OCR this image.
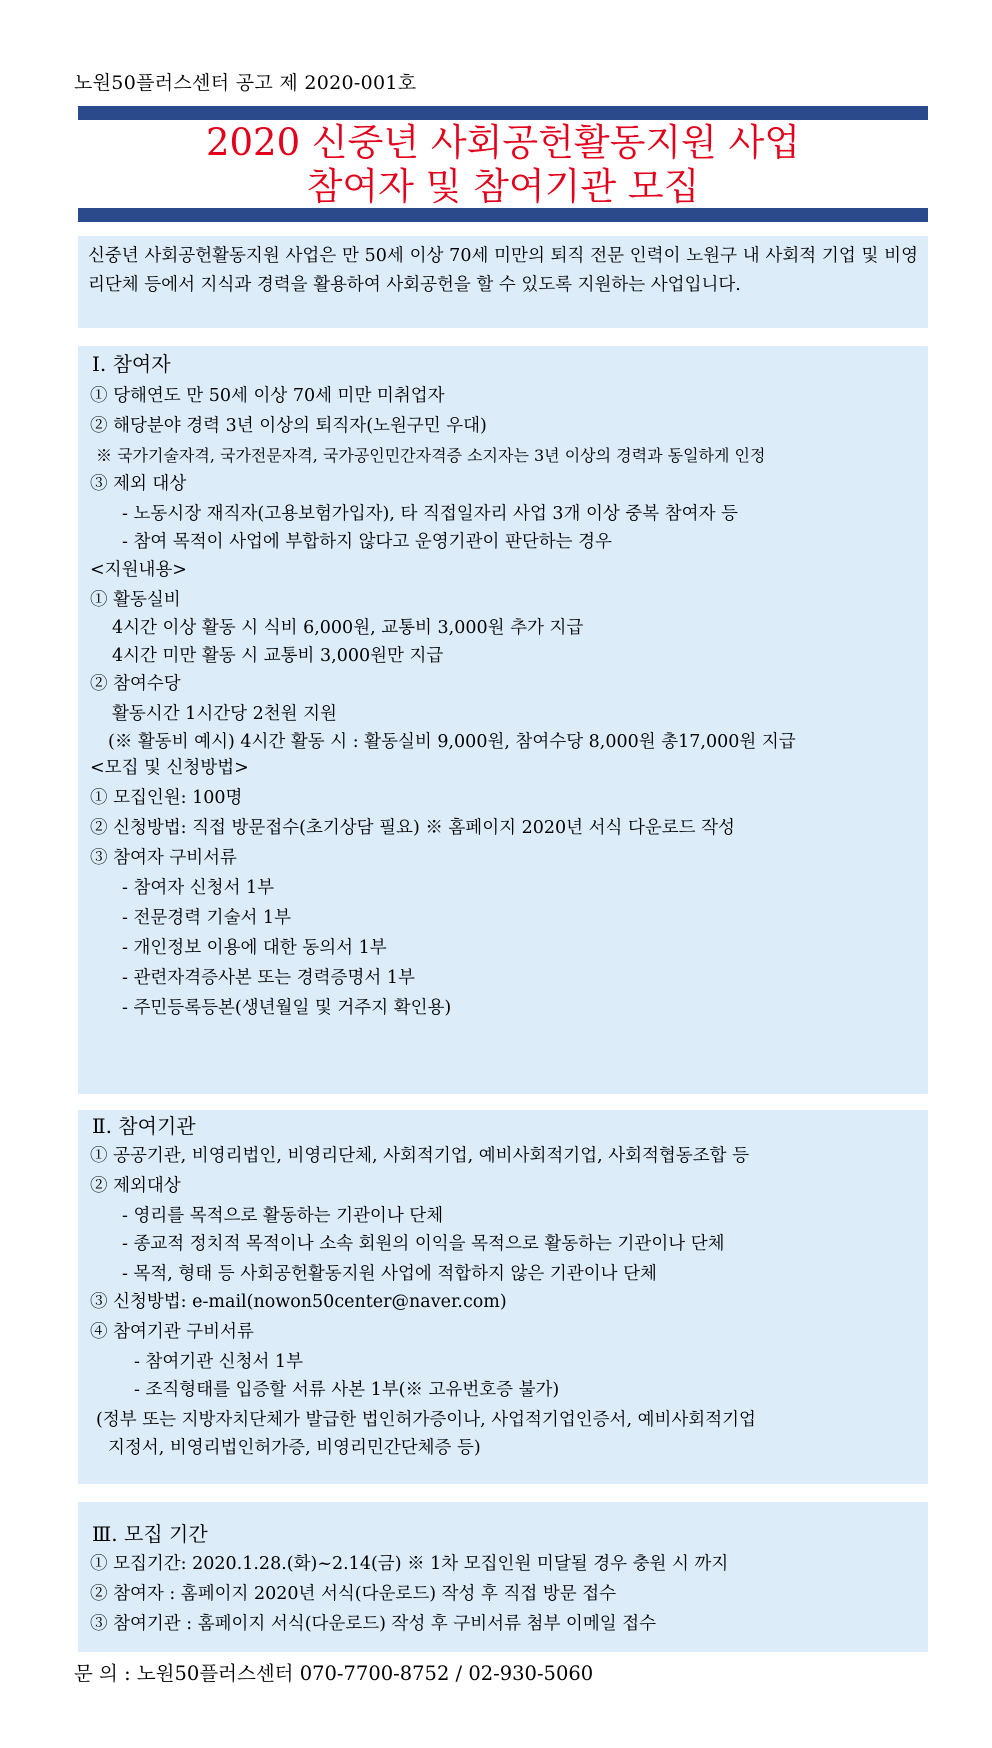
노원50플러스센터 공고 제 2020-001호
2020 신중년 사회공헌활동지원 사업
참여자 및 참여기관 모집
신중년 사회공헌활동지원 사업은 만 50세 이상 70세 미만의 퇴직 전문 인력이 노원구 내 사회적 기업 및 비영리단체 등에서 지식과 경력을 활용하여 사회공헌을 할 수 있도록 지원하는 사업입니다.
Ⅰ. 참여자
① 당해연도 만 50세 이상 70세 미만 미취업자
② 해당분야 경력 3년 이상의 퇴직자(노원구민 우대)
※ 국가기술자격, 국가전문자격, 국가공인민간자격증 소지자는 3년 이상의 경력과 동일하게 인정
③ 제외 대상
- 노동시장 재직자(고용보험가입자), 타 직접일자리 사업 3개 이상 중복 참여자 등
- 참여 목적이 사업에 부합하지 않다고 운영기관이 판단하는 경우
<지원내용>
① 활동실비
4시간 이상 활동 시 식비 6,000원, 교통비 3,000원 추가 지급
4시간 미만 활동 시 교통비 3,000원만 지급
② 참여수당
활동시간 1시간당 2천원 지원
(※ 활동비 예시) 4시간 활동 시 : 활동실비 9,000원, 참여수당 8,000원 총17,000원 지급
<모집 및 신청방법>
① 모집인원: 100명
② 신청방법: 직접 방문접수(초기상담 필요) ※ 홈페이지 2020년 서식 다운로드 작성
③ 참여자 구비서류
- 참여자 신청서 1부
- 전문경력 기술서 1부
- 개인정보 이용에 대한 동의서 1부
- 관련자격증사본 또는 경력증명서 1부
- 주민등록등본(생년월일 및 거주지 확인용)
Ⅱ. 참여기관
① 공공기관, 비영리법인, 비영리단체, 사회적기업, 예비사회적기업, 사회적협동조합 등
② 제외대상
- 영리를 목적으로 활동하는 기관이나 단체
- 종교적 정치적 목적이나 소속 회원의 이익을 목적으로 활동하는 기관이나 단체
- 목적, 형태 등 사회공헌활동지원 사업에 적합하지 않은 기관이나 단체
③ 신청방법: e-mail(nowon50center@naver.com)
④ 참여기관 구비서류
- 참여기관 신청서 1부
- 조직형태를 입증할 서류 사본 1부(※ 고유번호증 불가)
(정부 또는 지방자치단체가 발급한 법인허가증이나, 사업적기업인증서, 예비사회적기업
지정서, 비영리법인허가증, 비영리민간단체증 등)
Ⅲ. 모집 기간
① 모집기간: 2020.1.28.(화)~2.14(금) ※ 1차 모집인원 미달될 경우 충원 시 까지
② 참여자 : 홈페이지 2020년 서식(다운로드) 작성 후 직접 방문 접수
③ 참여기관 : 홈페이지 서식(다운로드) 작성 후 구비서류 첨부 이메일 접수
문 의 : 노원50플러스센터 070-7700-8752 / 02-930-5060
